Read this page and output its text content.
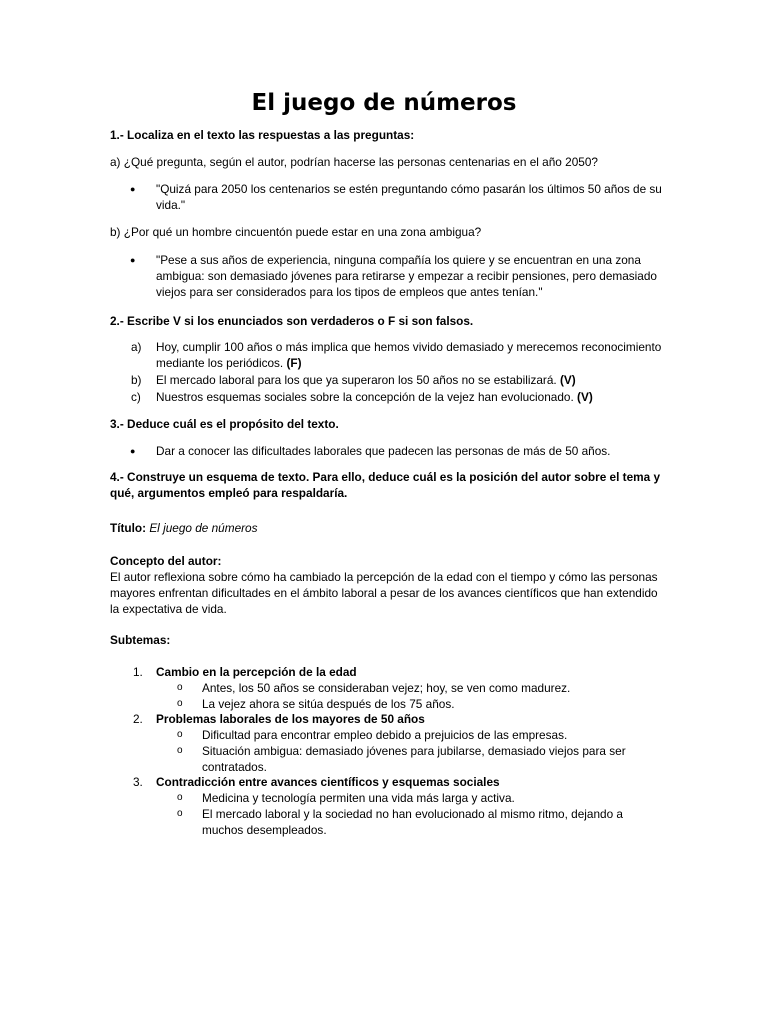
El juego de números

1.- Localiza en el texto las respuestas a las preguntas:

a) ¿Qué pregunta, según el autor, podrían hacerse las personas centenarias en el año 2050?

● "Quizá para 2050 los centenarios se estén preguntando cómo pasarán los últimos 50 años de su vida."

b) ¿Por qué un hombre cincuentón puede estar en una zona ambigua?

● "Pese a sus años de experiencia, ninguna compañía los quiere y se encuentran en una zona ambigua: son demasiado jóvenes para retirarse y empezar a recibir pensiones, pero demasiado viejos para ser considerados para los tipos de empleos que antes tenían."

2.- Escribe V si los enunciados son verdaderos o F si son falsos.

a) Hoy, cumplir 100 años o más implica que hemos vivido demasiado y merecemos reconocimiento mediante los periódicos. (F)

b) El mercado laboral para los que ya superaron los 50 años no se estabilizará. (V)

c) Nuestros esquemas sociales sobre la concepción de la vejez han evolucionado. (V)

3.- Deduce cuál es el propósito del texto.

● Dar a conocer las dificultades laborales que padecen las personas de más de 50 años.

4.- Construye un esquema de texto. Para ello, deduce cuál es la posición del autor sobre el tema y qué, argumentos empleó para respaldaría.

Título: El juego de números

Concepto del autor:

El autor reflexiona sobre cómo ha cambiado la percepción de la edad con el tiempo y cómo las personas mayores enfrentan dificultades en el ámbito laboral a pesar de los avances científicos que han extendido la expectativa de vida.

Subtemas:

1. Cambio en la percepción de la edad

o Antes, los 50 años se consideraban vejez; hoy, se ven como madurez.

o La vejez ahora se sitúa después de los 75 años.

2. Problemas laborales de los mayores de 50 años

o Dificultad para encontrar empleo debido a prejuicios de las empresas.

o Situación ambigua: demasiado jóvenes para jubilarse, demasiado viejos para ser contratados.

3. Contradicción entre avances científicos y esquemas sociales

o Medicina y tecnología permiten una vida más larga y activa.

o El mercado laboral y la sociedad no han evolucionado al mismo ritmo, dejando a muchos desempleados.
